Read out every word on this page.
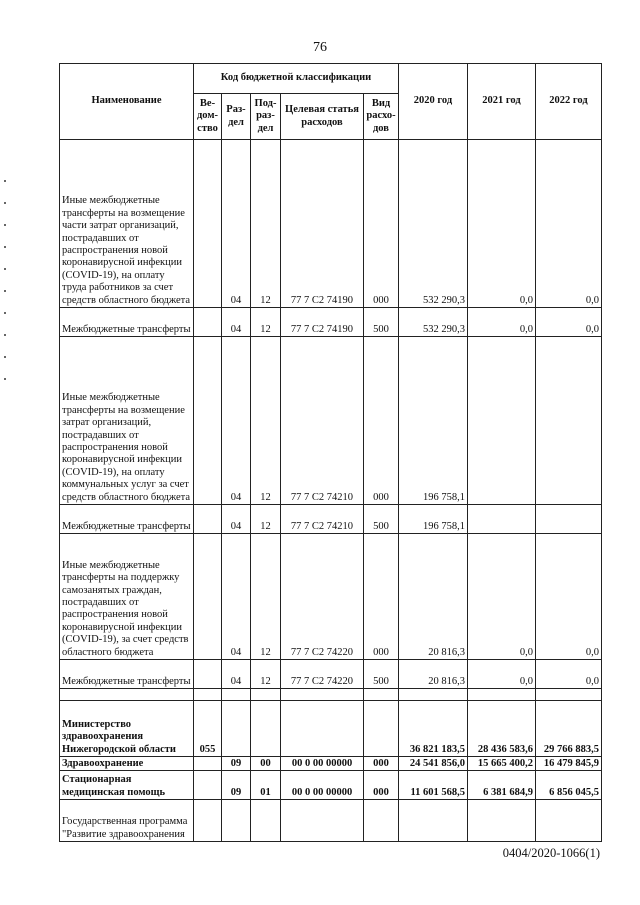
76
Наименование	Код бюджетной классификации					2020 год	2021 год	2022 год
	Ве-дом-ство	Раз-дел	Под-раз-дел	Целевая статья расходов	Вид расхо-дов			
Иные межбюджетные трансферты на возмещение части затрат организаций, пострадавших от распространения новой коронавирусной инфекции (COVID-19), на оплату труда работников за счет средств областного бюджета		04	12	77 7 С2 74190	000	532 290,3	0,0	0,0
Межбюджетные трансферты		04	12	77 7 С2 74190	500	532 290,3	0,0	0,0
Иные межбюджетные трансферты на возмещение затрат организаций, пострадавших от распространения новой коронавирусной инфекции (COVID-19), на оплату коммунальных услуг за счет средств областного бюджета		04	12	77 7 С2 74210	000	196 758,1		
Межбюджетные трансферты		04	12	77 7 С2 74210	500	196 758,1		
Иные межбюджетные трансферты на поддержку самозанятых граждан, пострадавших от распространения новой коронавирусной инфекции (COVID-19), за счет средств областного бюджета		04	12	77 7 С2 74220	000	20 816,3	0,0	0,0
Межбюджетные трансферты		04	12	77 7 С2 74220	500	20 816,3	0,0	0,0

Министерство здравоохранения Нижегородской области	055					36 821 183,5	28 436 583,6	29 766 883,5
Здравоохранение		09	00	00 0 00 00000	000	24 541 856,0	15 665 400,2	16 479 845,9
Стационарная медицинская помощь		09	01	00 0 00 00000	000	11 601 568,5	6 381 684,9	6 856 045,5
Государственная программа "Развитие здравоохранения								
0404/2020-1066(1)
